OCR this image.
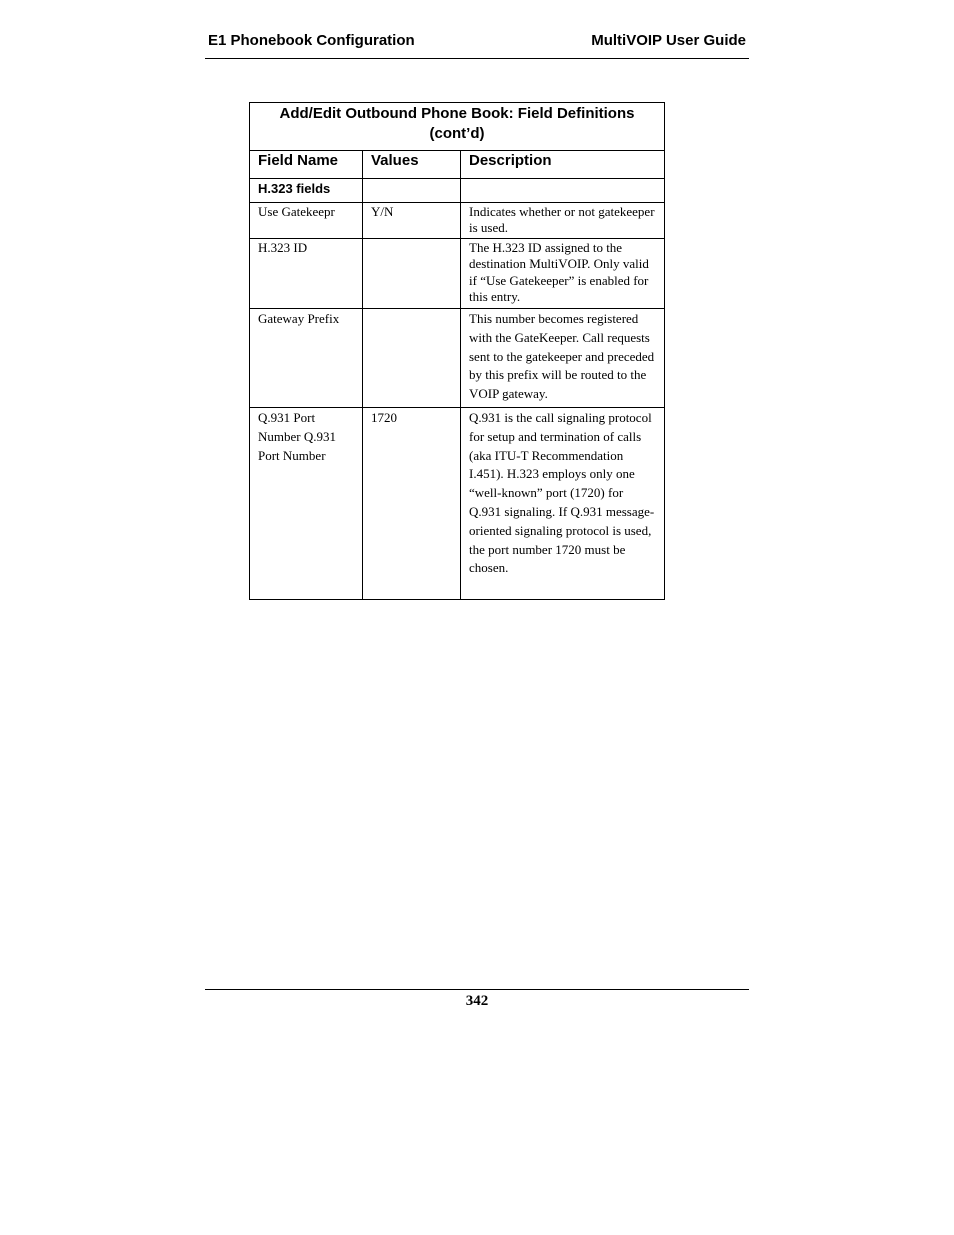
E1 Phonebook Configuration	MultiVOIP User Guide
Add/Edit Outbound Phone Book: Field Definitions
(cont’d)		

Field Name	Values	Description

H.323 fields		

Use Gatekeepr	Y/N	Indicates whether or not gatekeeper is used.

H.323 ID		The H.323 ID assigned to the destination MultiVOIP. Only valid if “Use Gatekeeper” is enabled for this entry.

Gateway Prefix		This number becomes registered with the GateKeeper. Call requests sent to the gatekeeper and preceded by this prefix will be routed to the VOIP gateway.

Q.931 Port Number Q.931 Port Number	1720	Q.931 is the call signaling protocol for setup and termination of calls (aka ITU-T Recommendation I.451). H.323 employs only one “well-known” port (1720) for Q.931 signaling. If Q.931 message-oriented signaling protocol is used, the port number 1720 must be chosen.
342
